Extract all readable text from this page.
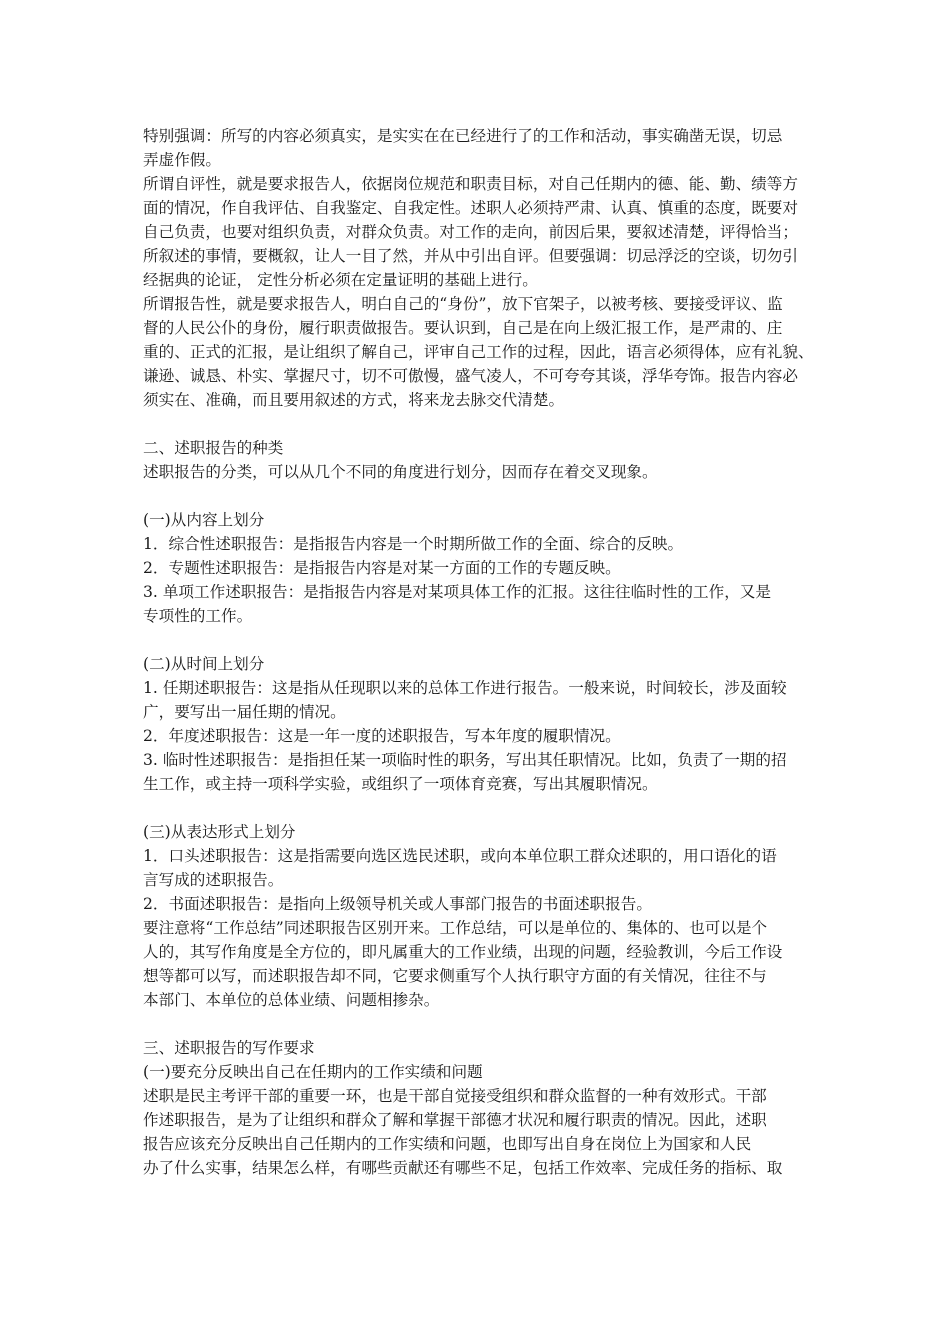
特别强调：所写的内容必须真实，是实实在在已经进行了的工作和活动，事实确凿无误，切忌
弄虚作假。
所谓自评性，就是要求报告人，依据岗位规范和职责目标，对自己任期内的德、能、勤、绩等方
面的情况，作自我评估、自我鉴定、自我定性。述职人必须持严肃、认真、慎重的态度，既要对
自己负责，也要对组织负责，对群众负责。对工作的走向，前因后果，要叙述清楚，评得恰当；
所叙述的事情，要概叙，让人一目了然，并从中引出自评。但要强调：切忌浮泛的空谈，切勿引
经据典的论证， 定性分析必须在定量证明的基础上进行。
所谓报告性，就是要求报告人，明白自己的“身份”，放下官架子，以被考核、要接受评议、监
督的人民公仆的身份，履行职责做报告。要认识到，自己是在向上级汇报工作，是严肃的、庄
重的、正式的汇报，是让组织了解自己，评审自己工作的过程，因此，语言必须得体，应有礼貌、
谦逊、诚恳、朴实、掌握尺寸，切不可傲慢，盛气凌人，不可夸夸其谈，浮华夸饰。报告内容必
须实在、准确，而且要用叙述的方式，将来龙去脉交代清楚。
二、述职报告的种类
述职报告的分类，可以从几个不同的角度进行划分，因而存在着交叉现象。
(一)从内容上划分
1．综合性述职报告：是指报告内容是一个时期所做工作的全面、综合的反映。
2．专题性述职报告：是指报告内容是对某一方面的工作的专题反映。
3. 单项工作述职报告：是指报告内容是对某项具体工作的汇报。这往往临时性的工作，又是
专项性的工作。
(二)从时间上划分
1. 任期述职报告：这是指从任现职以来的总体工作进行报告。一般来说，时间较长，涉及面较
广，要写出一届任期的情况。
2．年度述职报告：这是一年一度的述职报告，写本年度的履职情况。
3. 临时性述职报告：是指担任某一项临时性的职务，写出其任职情况。比如，负责了一期的招
生工作，或主持一项科学实验，或组织了一项体育竞赛，写出其履职情况。
(三)从表达形式上划分
1．口头述职报告：这是指需要向选区选民述职，或向本单位职工群众述职的，用口语化的语
言写成的述职报告。
2．书面述职报告：是指向上级领导机关或人事部门报告的书面述职报告。
要注意将“工作总结”同述职报告区别开来。工作总结，可以是单位的、集体的、也可以是个
人的，其写作角度是全方位的，即凡属重大的工作业绩，出现的问题，经验教训，今后工作设
想等都可以写，而述职报告却不同，它要求侧重写个人执行职守方面的有关情况，往往不与
本部门、本单位的总体业绩、问题相掺杂。
三、述职报告的写作要求
(一)要充分反映出自己在任期内的工作实绩和问题
述职是民主考评干部的重要一环，也是干部自觉接受组织和群众监督的一种有效形式。干部
作述职报告，是为了让组织和群众了解和掌握干部德才状况和履行职责的情况。因此，述职
报告应该充分反映出自己任期内的工作实绩和问题，也即写出自身在岗位上为国家和人民
办了什么实事，结果怎么样，有哪些贡献还有哪些不足，包括工作效率、完成任务的指标、取
